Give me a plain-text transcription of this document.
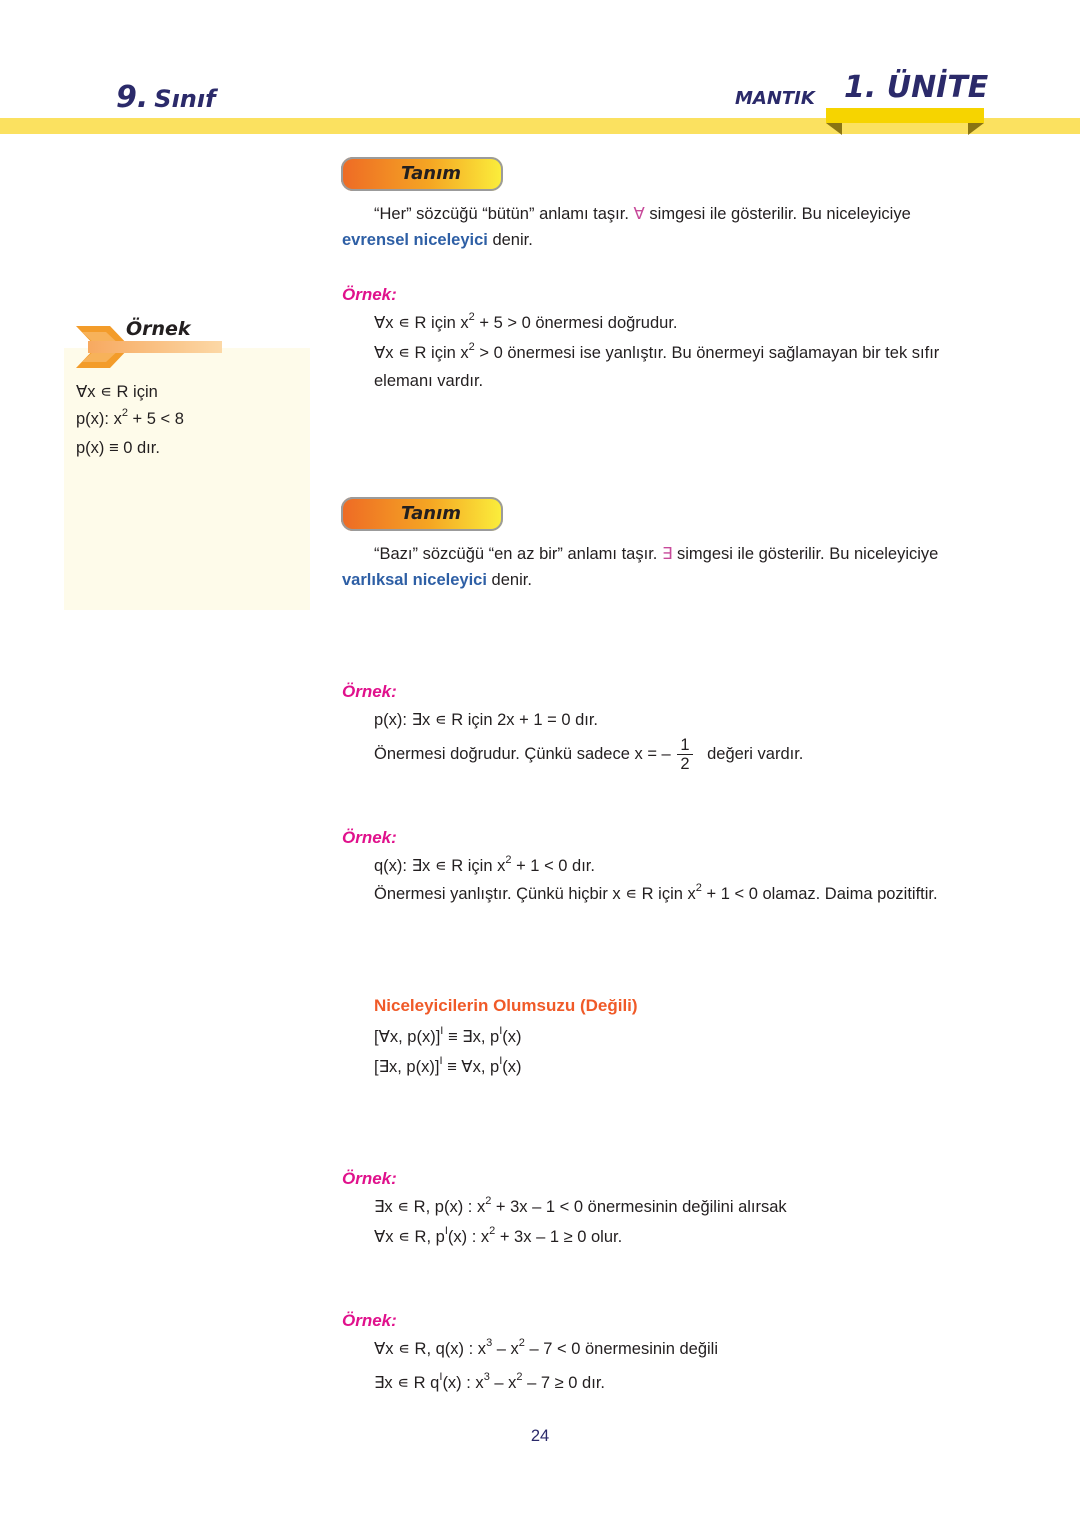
9. Sınıf	MANTIK 1. ÜNİTE
Örnek
∀x ∊ R için
p(x): $x^2 + 5 < 8$
p(x) ≡ 0 dır.
Tanım
“Her” sözcüğü “bütün” anlamı taşır. ∀ simgesi ile gösterilir. Bu niceleyiciye
evrensel niceleyici denir.
Örnek:
∀x ∊ R için $x^2 + 5 > 0$ önermesi doğrudur.
∀x ∊ R için $x^2 > 0$ önermesi ise yanlıştır. Bu önermeyi sağlamayan bir tek sıfır
elemanı vardır.
Tanım
“Bazı” sözcüğü “en az bir” anlamı taşır. ∃ simgesi ile gösterilir. Bu niceleyiciye
varlıksal niceleyici denir.
Örnek:
p(x): ∃x ∊ R için 2x + 1 = 0 dır.
Önermesi doğrudur. Çünkü sadece x = – $\frac{1}{2}$ değeri vardır.
Örnek:
q(x): ∃x ∊ R için $x^2 + 1 < 0$ dır.
Önermesi yanlıştır. Çünkü hiçbir x ∊ R için $x^2 + 1 < 0$ olamaz. Daima pozitiftir.
Niceleyicilerin Olumsuzu (Değili)
[∀x, p(x)]$^I$ ≡ ∃x, $p^I(x)$
[∃x, p(x)]$^I$ ≡ ∀x, $p^I(x)$
Örnek:
∃x ∊ R, p(x) : $x^2 + 3x - 1 < 0$ önermesinin değilini alırsak
∀x ∊ R, $p^I(x)$ : $x^2 + 3x - 1 \ge 0$ olur.
Örnek:
∀x ∊ R, q(x) : $x^3 - x^2 - 7 < 0$ önermesinin değili
∃x ∊ R $q^I(x)$ : $x^3 - x^2 - 7 \ge 0$ dır.
24
